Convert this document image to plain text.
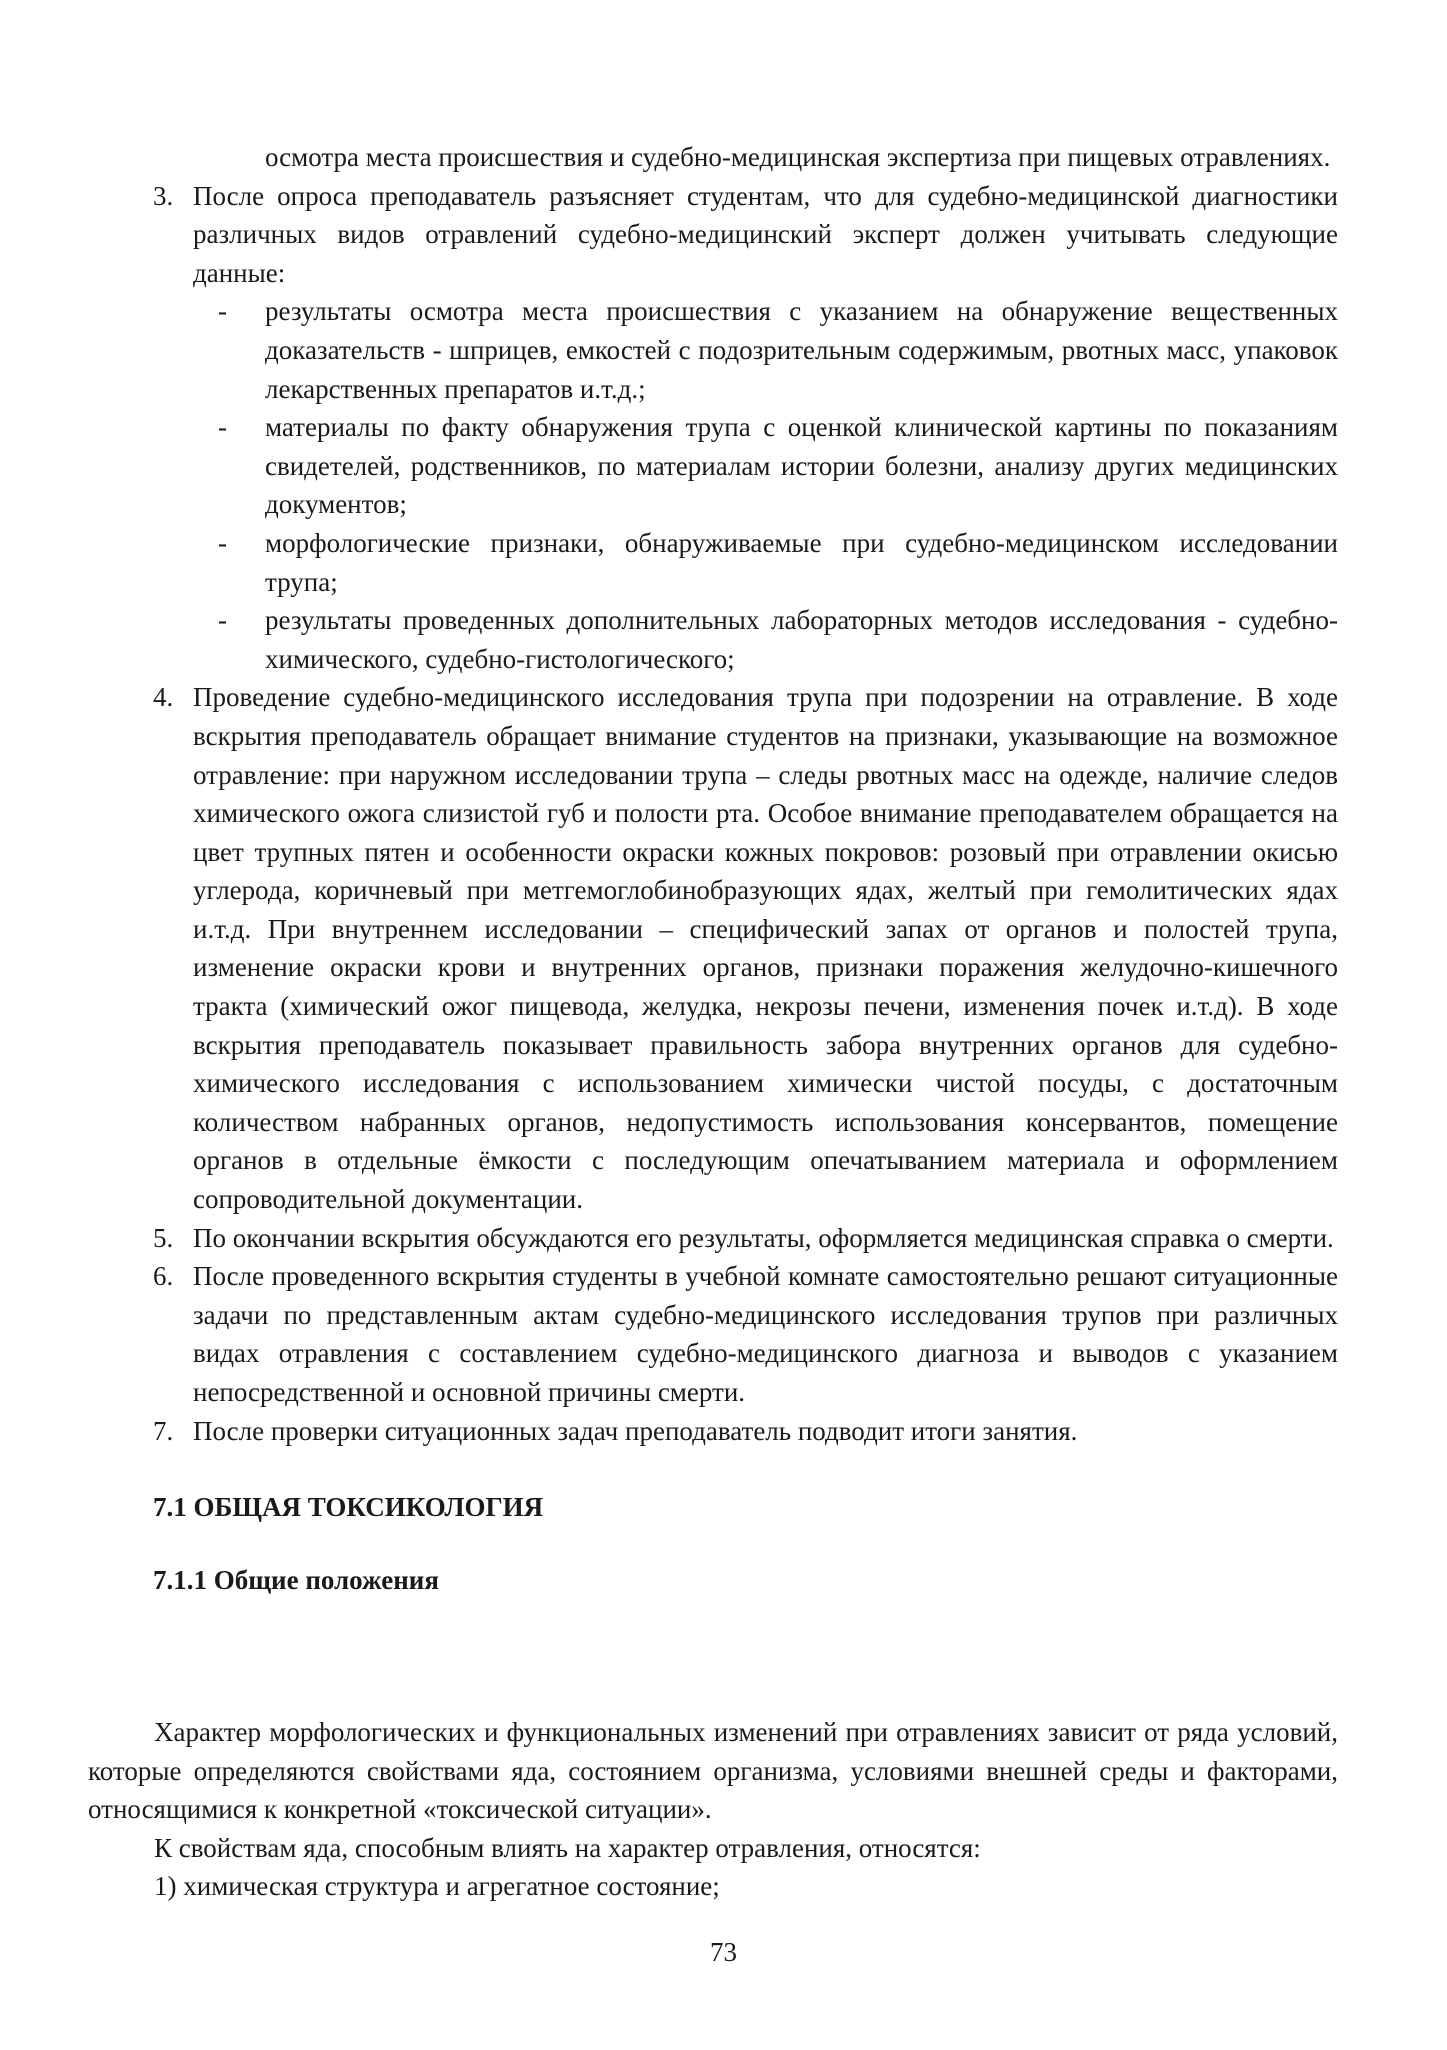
осмотра места происшествия и судебно-медицинская экспертиза при пищевых отравлениях.

3. После опроса преподаватель разъясняет студентам, что для судебно-медицинской диагностики различных видов отравлений судебно-медицинский эксперт должен учитывать следующие данные:
-	результаты осмотра места происшествия с указанием на обнаружение вещественных доказательств - шприцев, емкостей с подозрительным содержимым, рвотных масс, упаковок лекарственных препаратов и.т.д.;
-	материалы по факту обнаружения трупа с оценкой клинической картины по показаниям свидетелей, родственников, по материалам истории болезни, анализу других медицинских документов;
-	морфологические признаки, обнаруживаемые при судебно-медицинском исследовании трупа;
-	результаты проведенных дополнительных лабораторных методов исследования - судебно-химического, судебно-гистологического;
4. Проведение судебно-медицинского исследования трупа при подозрении на отравление. В ходе вскрытия преподаватель обращает внимание студентов на признаки, указывающие на возможное отравление: при наружном исследовании трупа – следы рвотных масс на одежде, наличие следов химического ожога слизистой губ и полости рта. Особое внимание преподавателем обращается на цвет трупных пятен и особенности окраски кожных покровов: розовый при отравлении окисью углерода, коричневый при метгемоглобинобразующих ядах, желтый при гемолитических ядах и.т.д. При внутреннем исследовании – специфический запах от органов и полостей трупа, изменение окраски крови и внутренних органов, признаки поражения желудочно-кишечного тракта (химический ожог пищевода, желудка, некрозы печени, изменения почек и.т.д). В ходе вскрытия преподаватель показывает правильность забора внутренних органов для судебно-химического исследования с использованием химически чистой посуды, с достаточным количеством набранных органов, недопустимость использования консервантов, помещение органов в отдельные ёмкости с последующим опечатыванием материала и оформлением сопроводительной документации.
5. По окончании вскрытия обсуждаются его результаты, оформляется медицинская справка о смерти.
6. После проведенного вскрытия студенты в учебной комнате самостоятельно решают ситуационные задачи по представленным актам судебно-медицинского исследования трупов при различных видах отравления с составлением судебно-медицинского диагноза и выводов с указанием непосредственной и основной причины смерти.
7. После проверки ситуационных задач преподаватель подводит итоги занятия.

7.1 ОБЩАЯ ТОКСИКОЛОГИЯ

7.1.1 Общие положения

Характер морфологических и функциональных изменений при отравлениях зависит от ряда условий, которые определяются свойствами яда, состоянием организма, условиями внешней среды и факторами, относящимися к конкретной «токсической ситуации».

К свойствам яда, способным влиять на характер отравления, относятся:

1) химическая структура и агрегатное состояние;

73
